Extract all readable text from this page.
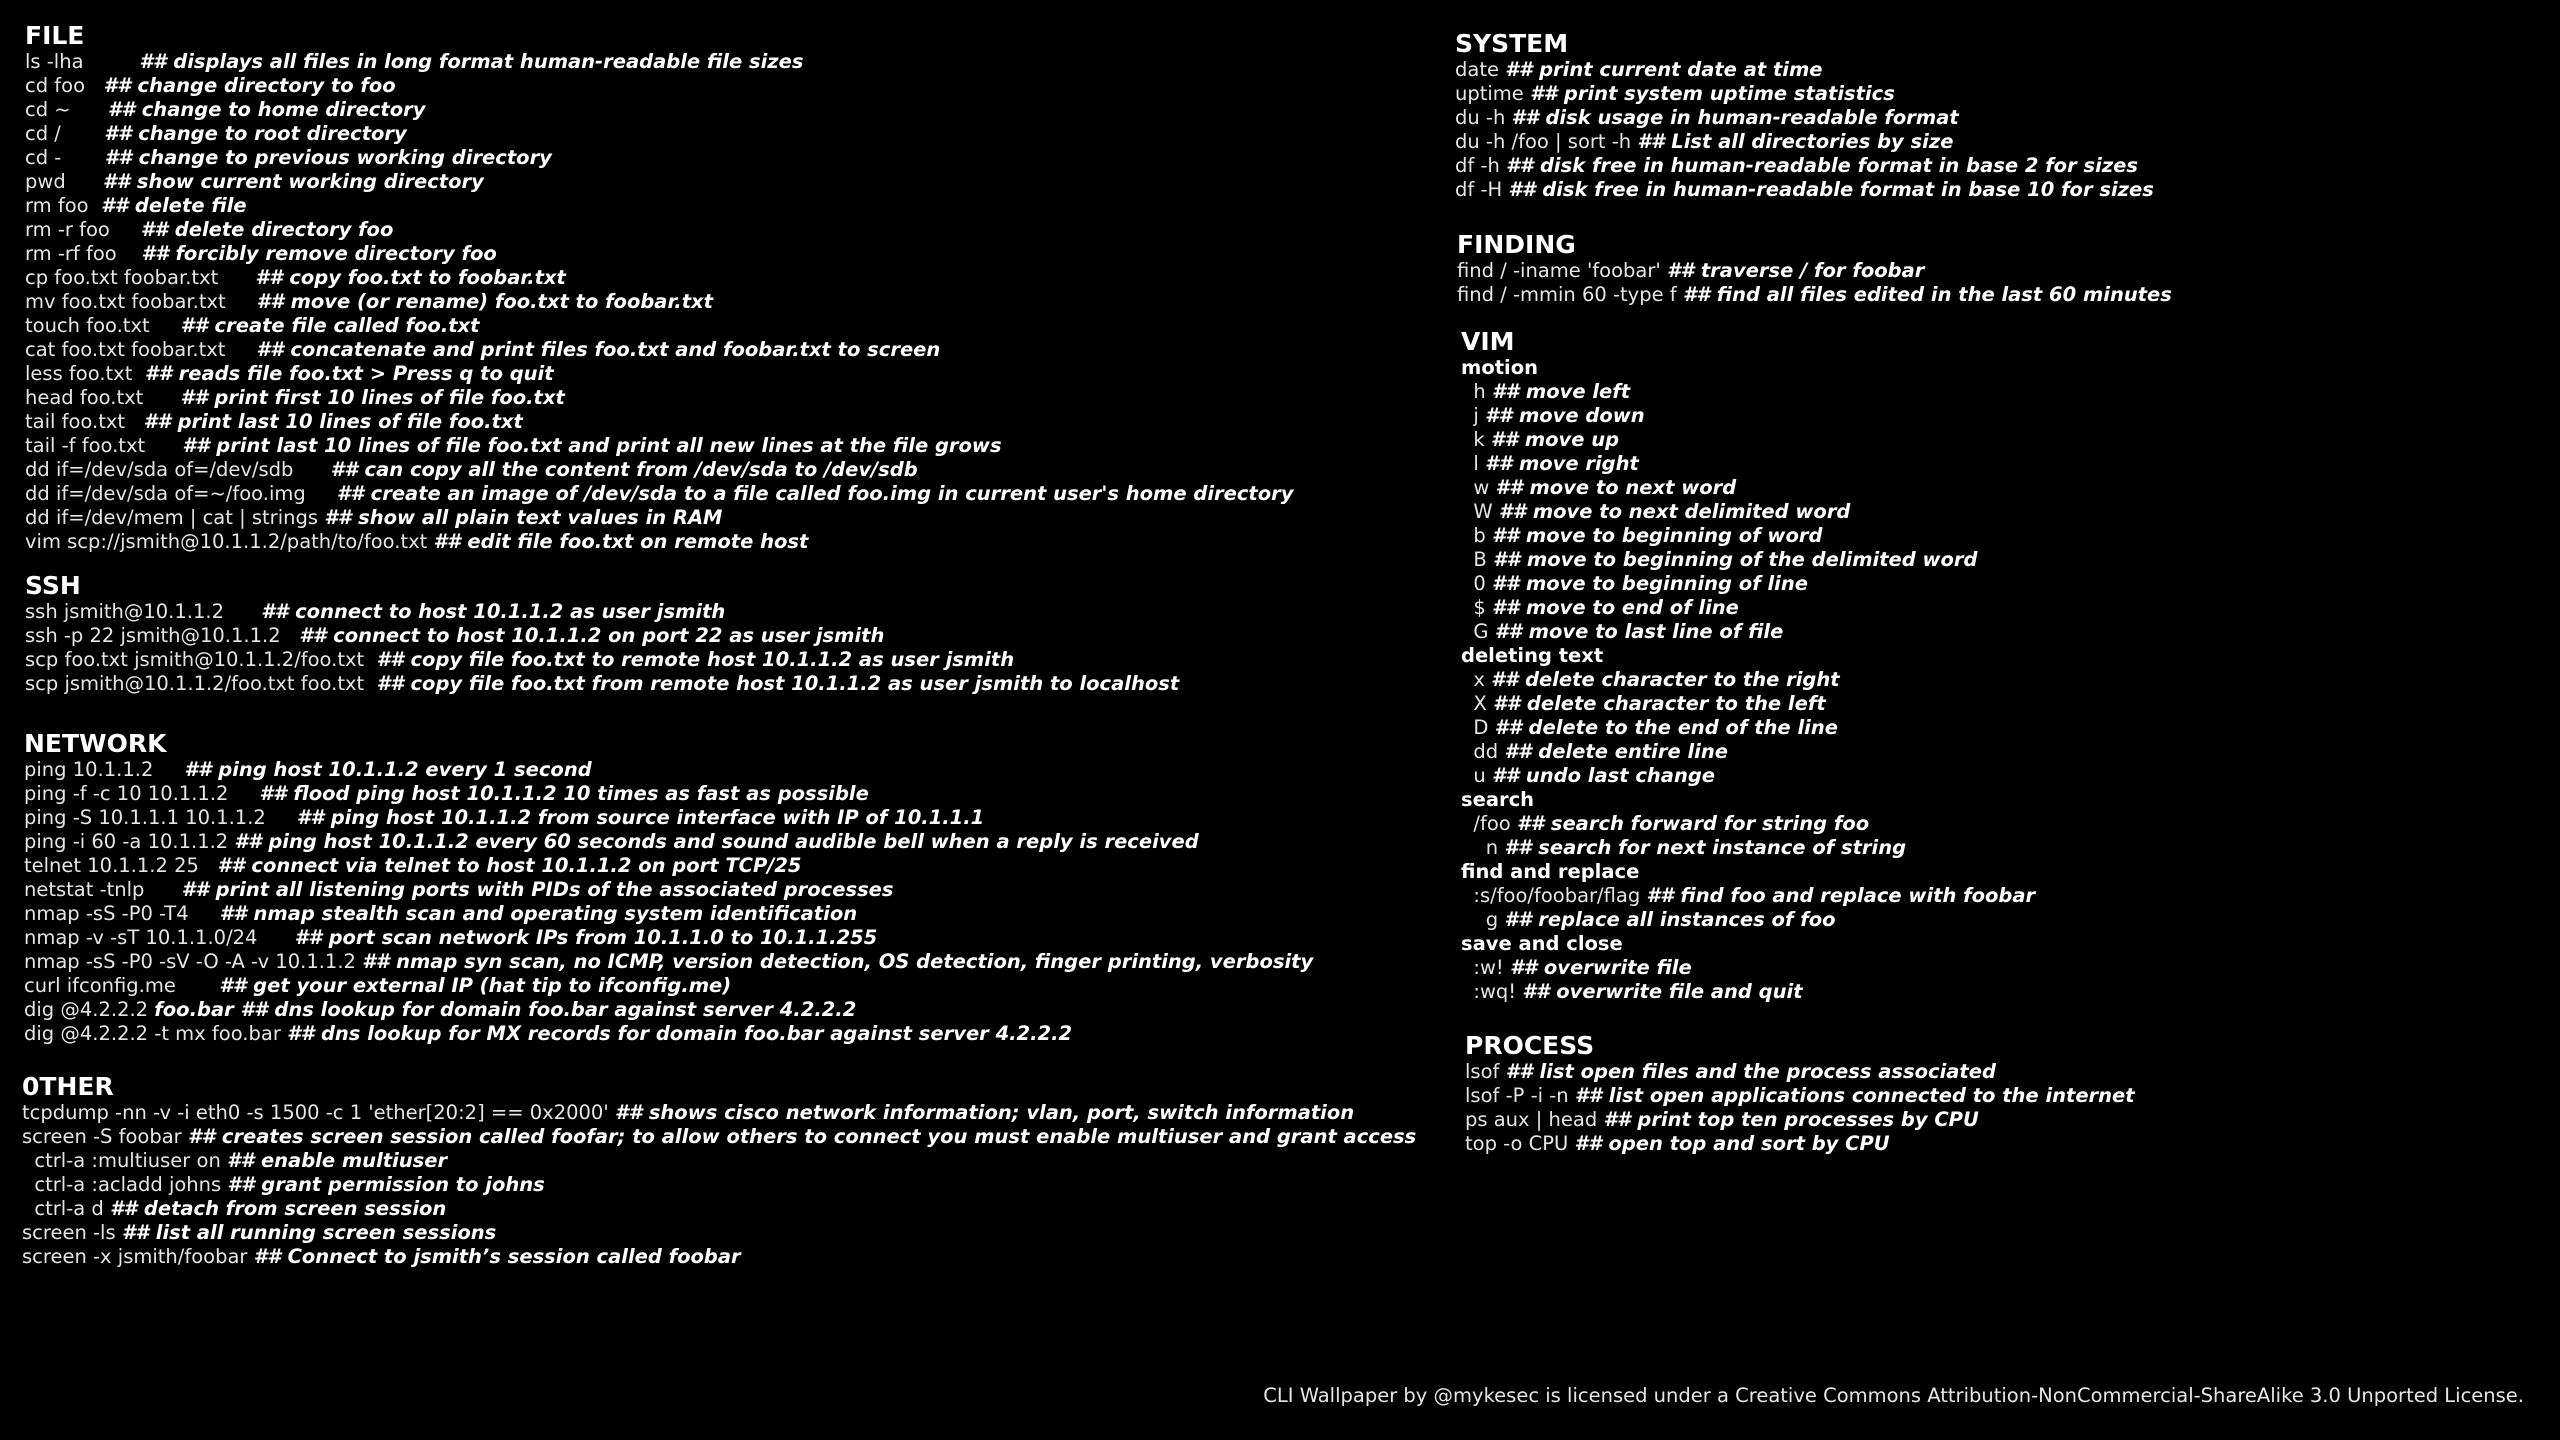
FILE
ls -lha         ## displays all files in long format human-readable file sizes
cd foo   ## change directory to foo
cd ~      ## change to home directory
cd /       ## change to root directory
cd -       ## change to previous working directory
pwd      ## show current working directory
rm foo  ## delete file
rm -r foo     ## delete directory foo
rm -rf foo    ## forcibly remove directory foo
cp foo.txt foobar.txt      ## copy foo.txt to foobar.txt
mv foo.txt foobar.txt     ## move (or rename) foo.txt to foobar.txt
touch foo.txt     ## create file called foo.txt
cat foo.txt foobar.txt     ## concatenate and print files foo.txt and foobar.txt to screen
less foo.txt  ## reads file foo.txt > Press q to quit
head foo.txt      ## print first 10 lines of file foo.txt
tail foo.txt   ## print last 10 lines of file foo.txt
tail -f foo.txt      ## print last 10 lines of file foo.txt and print all new lines at the file grows
dd if=/dev/sda of=/dev/sdb      ## can copy all the content from /dev/sda to /dev/sdb
dd if=/dev/sda of=~/foo.img     ## create an image of /dev/sda to a file called foo.img in current user's home directory
dd if=/dev/mem | cat | strings ## show all plain text values in RAM
vim scp://jsmith@10.1.1.2/path/to/foo.txt ## edit file foo.txt on remote host
SSH
ssh jsmith@10.1.1.2      ## connect to host 10.1.1.2 as user jsmith
ssh -p 22 jsmith@10.1.1.2   ## connect to host 10.1.1.2 on port 22 as user jsmith
scp foo.txt jsmith@10.1.1.2/foo.txt  ## copy file foo.txt to remote host 10.1.1.2 as user jsmith
scp jsmith@10.1.1.2/foo.txt foo.txt  ## copy file foo.txt from remote host 10.1.1.2 as user jsmith to localhost
NETWORK
ping 10.1.1.2     ## ping host 10.1.1.2 every 1 second
ping -f -c 10 10.1.1.2     ## flood ping host 10.1.1.2 10 times as fast as possible
ping -S 10.1.1.1 10.1.1.2     ## ping host 10.1.1.2 from source interface with IP of 10.1.1.1
ping -i 60 -a 10.1.1.2 ## ping host 10.1.1.2 every 60 seconds and sound audible bell when a reply is received
telnet 10.1.1.2 25   ## connect via telnet to host 10.1.1.2 on port TCP/25
netstat -tnlp      ## print all listening ports with PIDs of the associated processes
nmap -sS -P0 -T4     ## nmap stealth scan and operating system identification
nmap -v -sT 10.1.1.0/24      ## port scan network IPs from 10.1.1.0 to 10.1.1.255
nmap -sS -P0 -sV -O -A -v 10.1.1.2 ## nmap syn scan, no ICMP, version detection, OS detection, finger printing, verbosity
curl ifconfig.me       ## get your external IP (hat tip to ifconfig.me)
dig @4.2.2.2 foo.bar ## dns lookup for domain foo.bar against server 4.2.2.2
dig @4.2.2.2 -t mx foo.bar ## dns lookup for MX records for domain foo.bar against server 4.2.2.2
0THER
tcpdump -nn -v -i eth0 -s 1500 -c 1 'ether[20:2] == 0x2000' ## shows cisco network information; vlan, port, switch information
screen -S foobar ## creates screen session called foofar; to allow others to connect you must enable multiuser and grant access
ctrl-a :multiuser on ## enable multiuser
ctrl-a :acladd johns ## grant permission to johns
ctrl-a d ## detach from screen session
screen -ls ## list all running screen sessions
screen -x jsmith/foobar ## Connect to jsmith’s session called foobar
SYSTEM
date ## print current date at time
uptime ## print system uptime statistics
du -h ## disk usage in human-readable format
du -h /foo | sort -h ## List all directories by size
df -h ## disk free in human-readable format in base 2 for sizes
df -H ## disk free in human-readable format in base 10 for sizes
FINDING
find / -iname 'foobar' ## traverse / for foobar
find / -mmin 60 -type f ## find all files edited in the last 60 minutes
VIM
motion
h ## move left
j ## move down
k ## move up
l ## move right
w ## move to next word
W ## move to next delimited word
b ## move to beginning of word
B ## move to beginning of the delimited word
0 ## move to beginning of line
$ ## move to end of line
G ## move to last line of file
deleting text
x ## delete character to the right
X ## delete character to the left
D ## delete to the end of the line
dd ## delete entire line
u ## undo last change
search
/foo ## search forward for string foo
n ## search for next instance of string
find and replace
:s/foo/foobar/flag ## find foo and replace with foobar
g ## replace all instances of foo
save and close
:w! ## overwrite file
:wq! ## overwrite file and quit
PROCESS
lsof ## list open files and the process associated
lsof -P -i -n ## list open applications connected to the internet
ps aux | head ## print top ten processes by CPU
top -o CPU ## open top and sort by CPU
CLI Wallpaper by @mykesec is licensed under a Creative Commons Attribution-NonCommercial-ShareAlike 3.0 Unported License.
